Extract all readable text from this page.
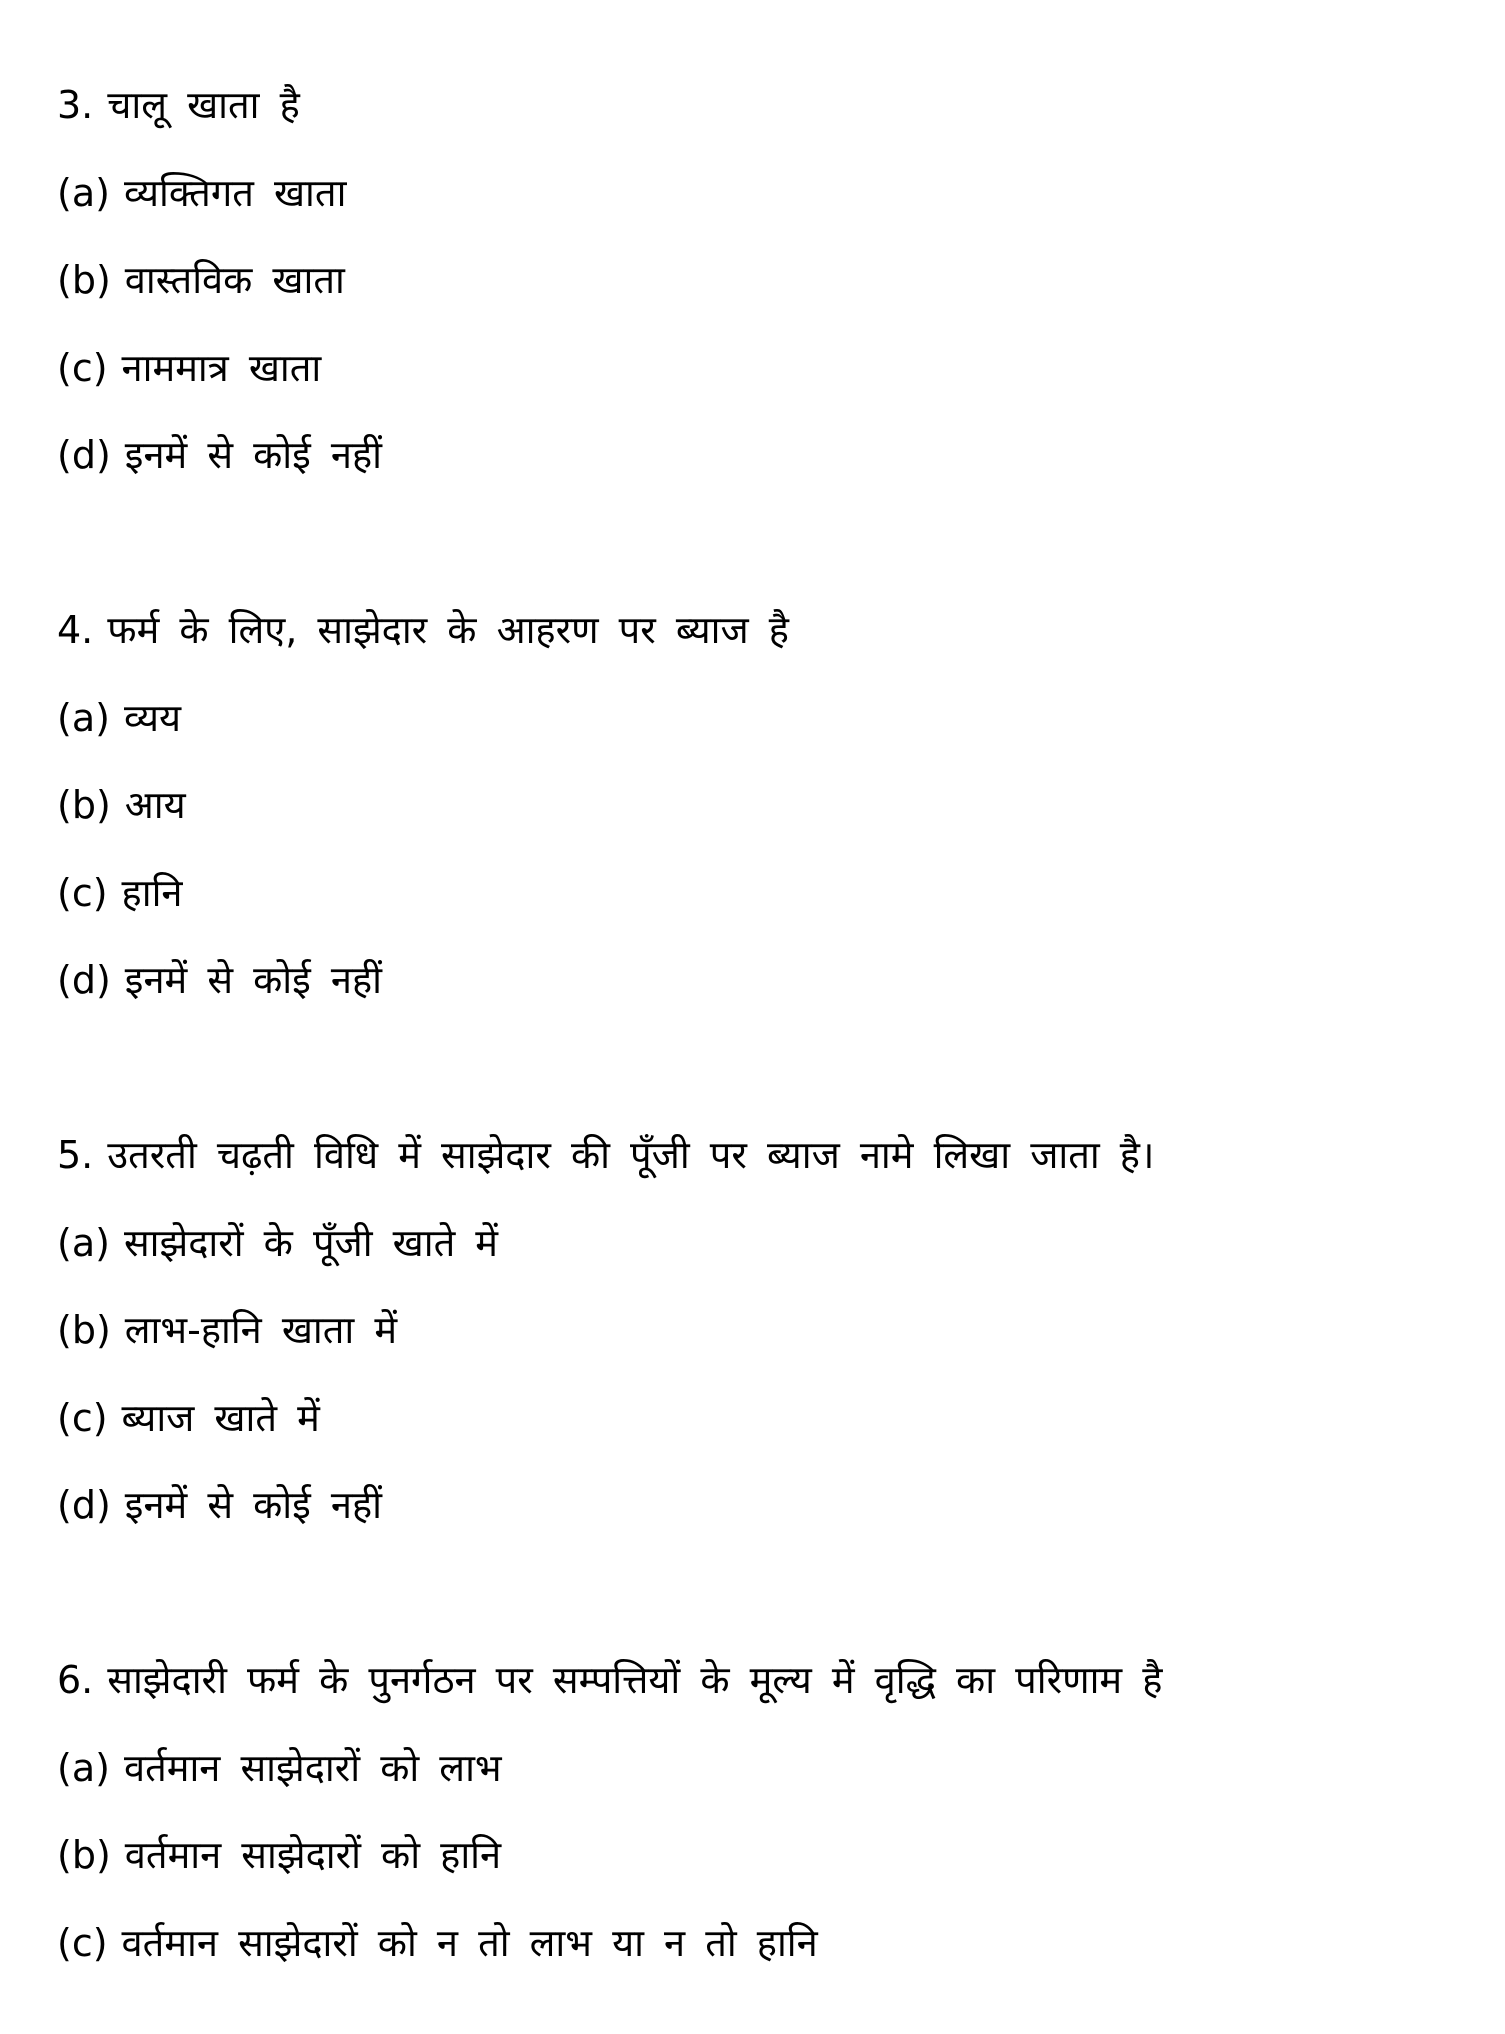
3. चालू खाता है
(a) व्यक्तिगत खाता
(b) वास्तविक खाता
(c) नाममात्र खाता
(d) इनमें से कोई नहीं
4. फर्म के लिए, साझेदार के आहरण पर ब्याज है
(a) व्यय
(b) आय
(c) हानि
(d) इनमें से कोई नहीं
5. उतरती चढ़ती विधि में साझेदार की पूँजी पर ब्याज नामे लिखा जाता है।
(a) साझेदारों के पूँजी खाते में
(b) लाभ-हानि खाता में
(c) ब्याज खाते में
(d) इनमें से कोई नहीं
6. साझेदारी फर्म के पुनर्गठन पर सम्पत्तियों के मूल्य में वृद्धि का परिणाम है
(a) वर्तमान साझेदारों को लाभ
(b) वर्तमान साझेदारों को हानि
(c) वर्तमान साझेदारों को न तो लाभ या न तो हानि
